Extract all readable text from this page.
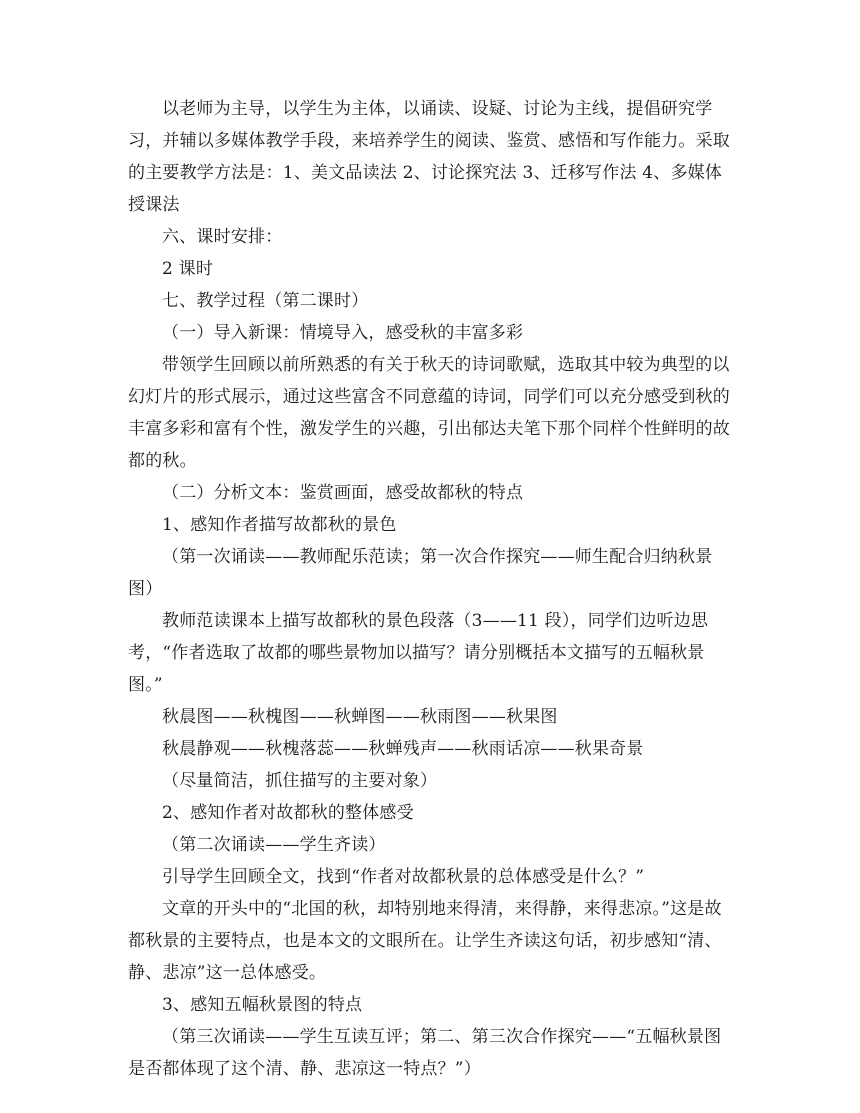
以老师为主导，以学生为主体，以诵读、设疑、讨论为主线，提倡研究学习，并辅以多媒体教学手段，来培养学生的阅读、鉴赏、感悟和写作能力。采取的主要教学方法是：1、美文品读法 2、讨论探究法 3、迁移写作法 4、多媒体授课法

六、课时安排：

2 课时

七、教学过程（第二课时）

（一）导入新课：情境导入，感受秋的丰富多彩

带领学生回顾以前所熟悉的有关于秋天的诗词歌赋，选取其中较为典型的以幻灯片的形式展示，通过这些富含不同意蕴的诗词，同学们可以充分感受到秋的丰富多彩和富有个性，激发学生的兴趣，引出郁达夫笔下那个同样个性鲜明的故都的秋。

（二）分析文本：鉴赏画面，感受故都秋的特点

1、感知作者描写故都秋的景色

（第一次诵读——教师配乐范读；第一次合作探究——师生配合归纳秋景图）

教师范读课本上描写故都秋的景色段落（3——11 段），同学们边听边思考，“作者选取了故都的哪些景物加以描写？请分别概括本文描写的五幅秋景图。”

秋晨图——秋槐图——秋蝉图——秋雨图——秋果图

秋晨静观——秋槐落蕊——秋蝉残声——秋雨话凉——秋果奇景

（尽量简洁，抓住描写的主要对象）

2、感知作者对故都秋的整体感受

（第二次诵读——学生齐读）

引导学生回顾全文，找到“作者对故都秋景的总体感受是什么？”

文章的开头中的“北国的秋，却特别地来得清，来得静，来得悲凉。”这是故都秋景的主要特点，也是本文的文眼所在。让学生齐读这句话，初步感知“清、静、悲凉”这一总体感受。

3、感知五幅秋景图的特点

（第三次诵读——学生互读互评；第二、第三次合作探究——“五幅秋景图是否都体现了这个清、静、悲凉这一特点？”）
